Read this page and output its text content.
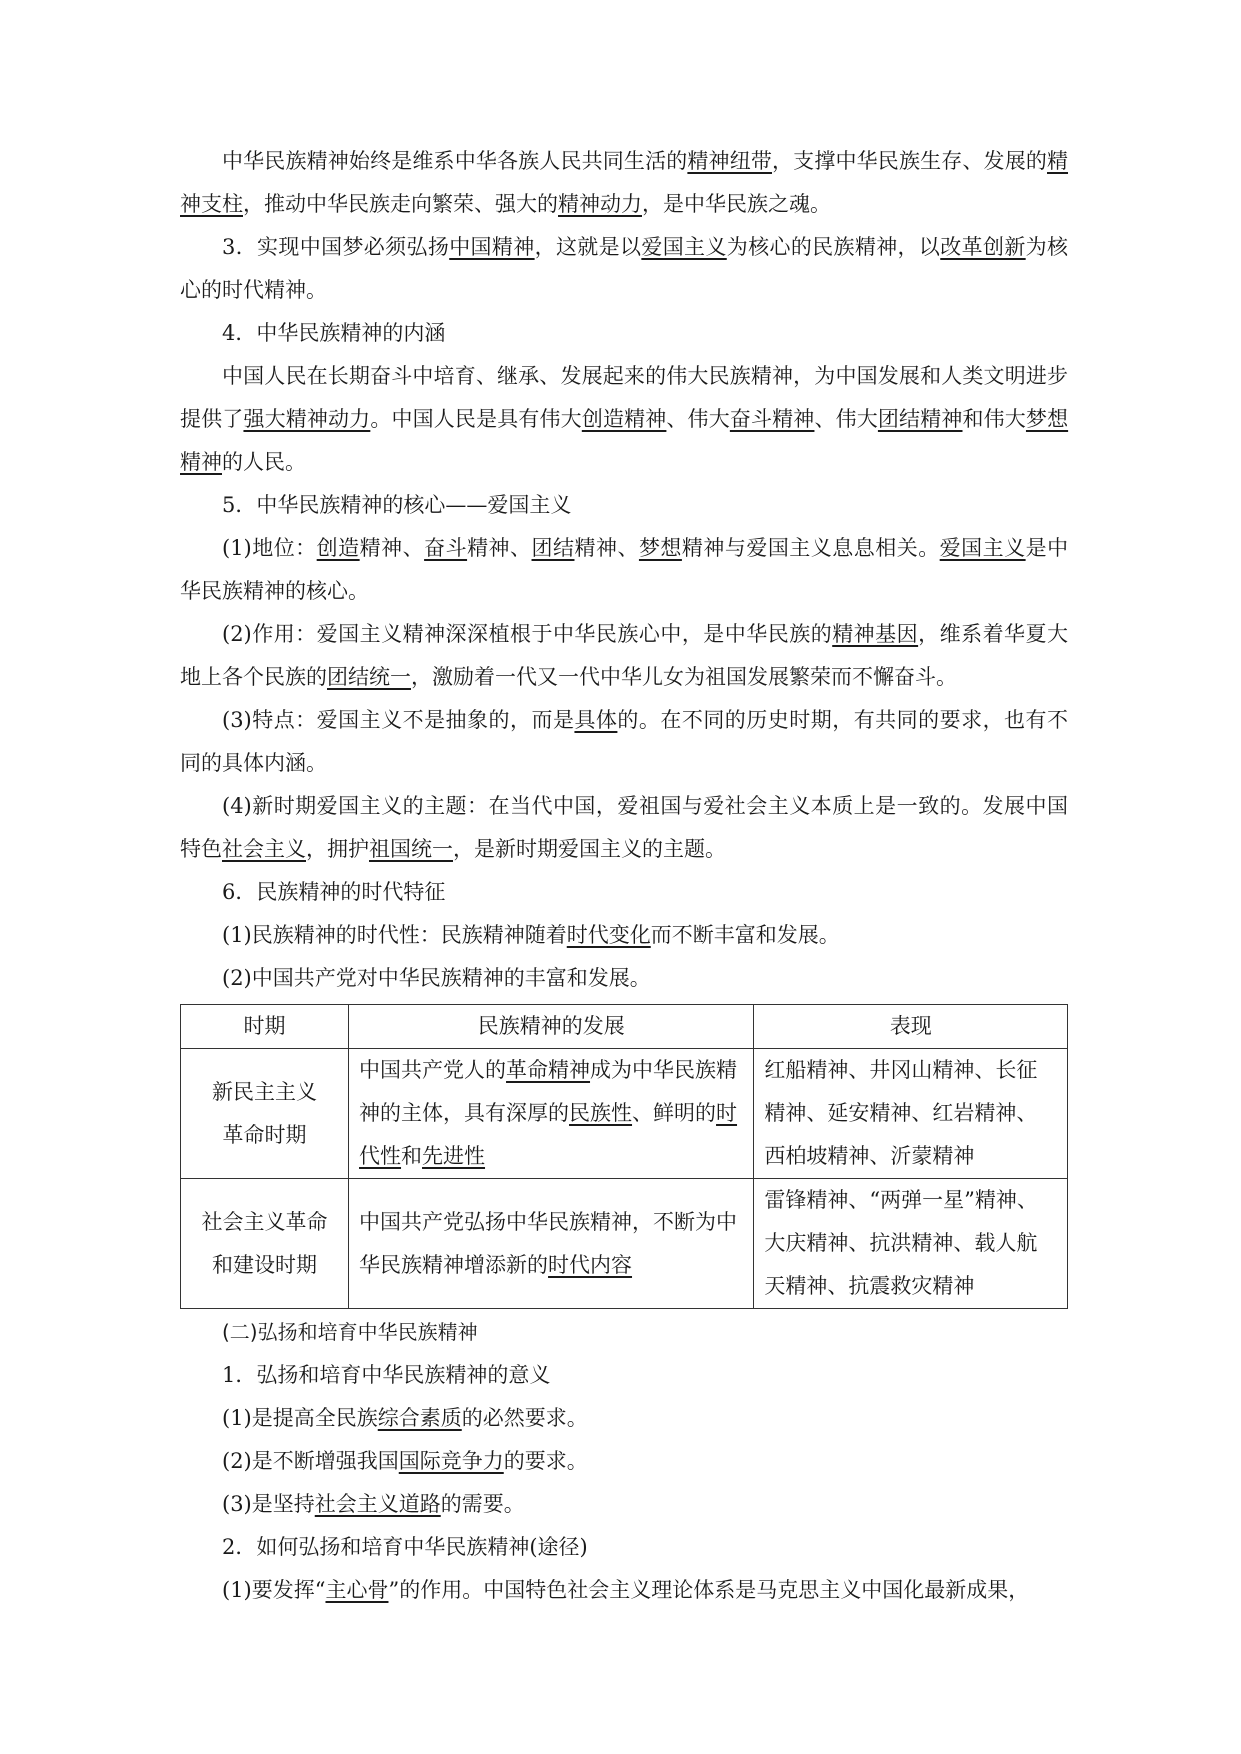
中华民族精神始终是维系中华各族人民共同生活的精神纽带，支撑中华民族生存、发展的精神支柱，推动中华民族走向繁荣、强大的精神动力，是中华民族之魂。
3．实现中国梦必须弘扬中国精神，这就是以爱国主义为核心的民族精神，以改革创新为核心的时代精神。
4．中华民族精神的内涵
中国人民在长期奋斗中培育、继承、发展起来的伟大民族精神，为中国发展和人类文明进步提供了强大精神动力。中国人民是具有伟大创造精神、伟大奋斗精神、伟大团结精神和伟大梦想精神的人民。
5．中华民族精神的核心——爱国主义
(1)地位：创造精神、奋斗精神、团结精神、梦想精神与爱国主义息息相关。爱国主义是中华民族精神的核心。
(2)作用：爱国主义精神深深植根于中华民族心中，是中华民族的精神基因，维系着华夏大地上各个民族的团结统一，激励着一代又一代中华儿女为祖国发展繁荣而不懈奋斗。
(3)特点：爱国主义不是抽象的，而是具体的。在不同的历史时期，有共同的要求，也有不同的具体内涵。
(4)新时期爱国主义的主题：在当代中国，爱祖国与爱社会主义本质上是一致的。发展中国特色社会主义，拥护祖国统一，是新时期爱国主义的主题。
6．民族精神的时代特征
(1)民族精神的时代性：民族精神随着时代变化而不断丰富和发展。
(2)中国共产党对中华民族精神的丰富和发展。
时期	民族精神的发展	表现

新民主主义
革命时期	中国共产党人的革命精神成为中华民族精神的主体，具有深厚的民族性、鲜明的时代性和先进性	红船精神、井冈山精神、长征精神、延安精神、红岩精神、西柏坡精神、沂蒙精神

社会主义革命
和建设时期	中国共产党弘扬中华民族精神，不断为中华民族精神增添新的时代内容	雷锋精神、“两弹一星”精神、大庆精神、抗洪精神、载人航天精神、抗震救灾精神
(二)弘扬和培育中华民族精神
1．弘扬和培育中华民族精神的意义
(1)是提高全民族综合素质的必然要求。
(2)是不断增强我国国际竞争力的要求。
(3)是坚持社会主义道路的需要。
2．如何弘扬和培育中华民族精神(途径)
(1)要发挥“主心骨”的作用。中国特色社会主义理论体系是马克思主义中国化最新成果，
